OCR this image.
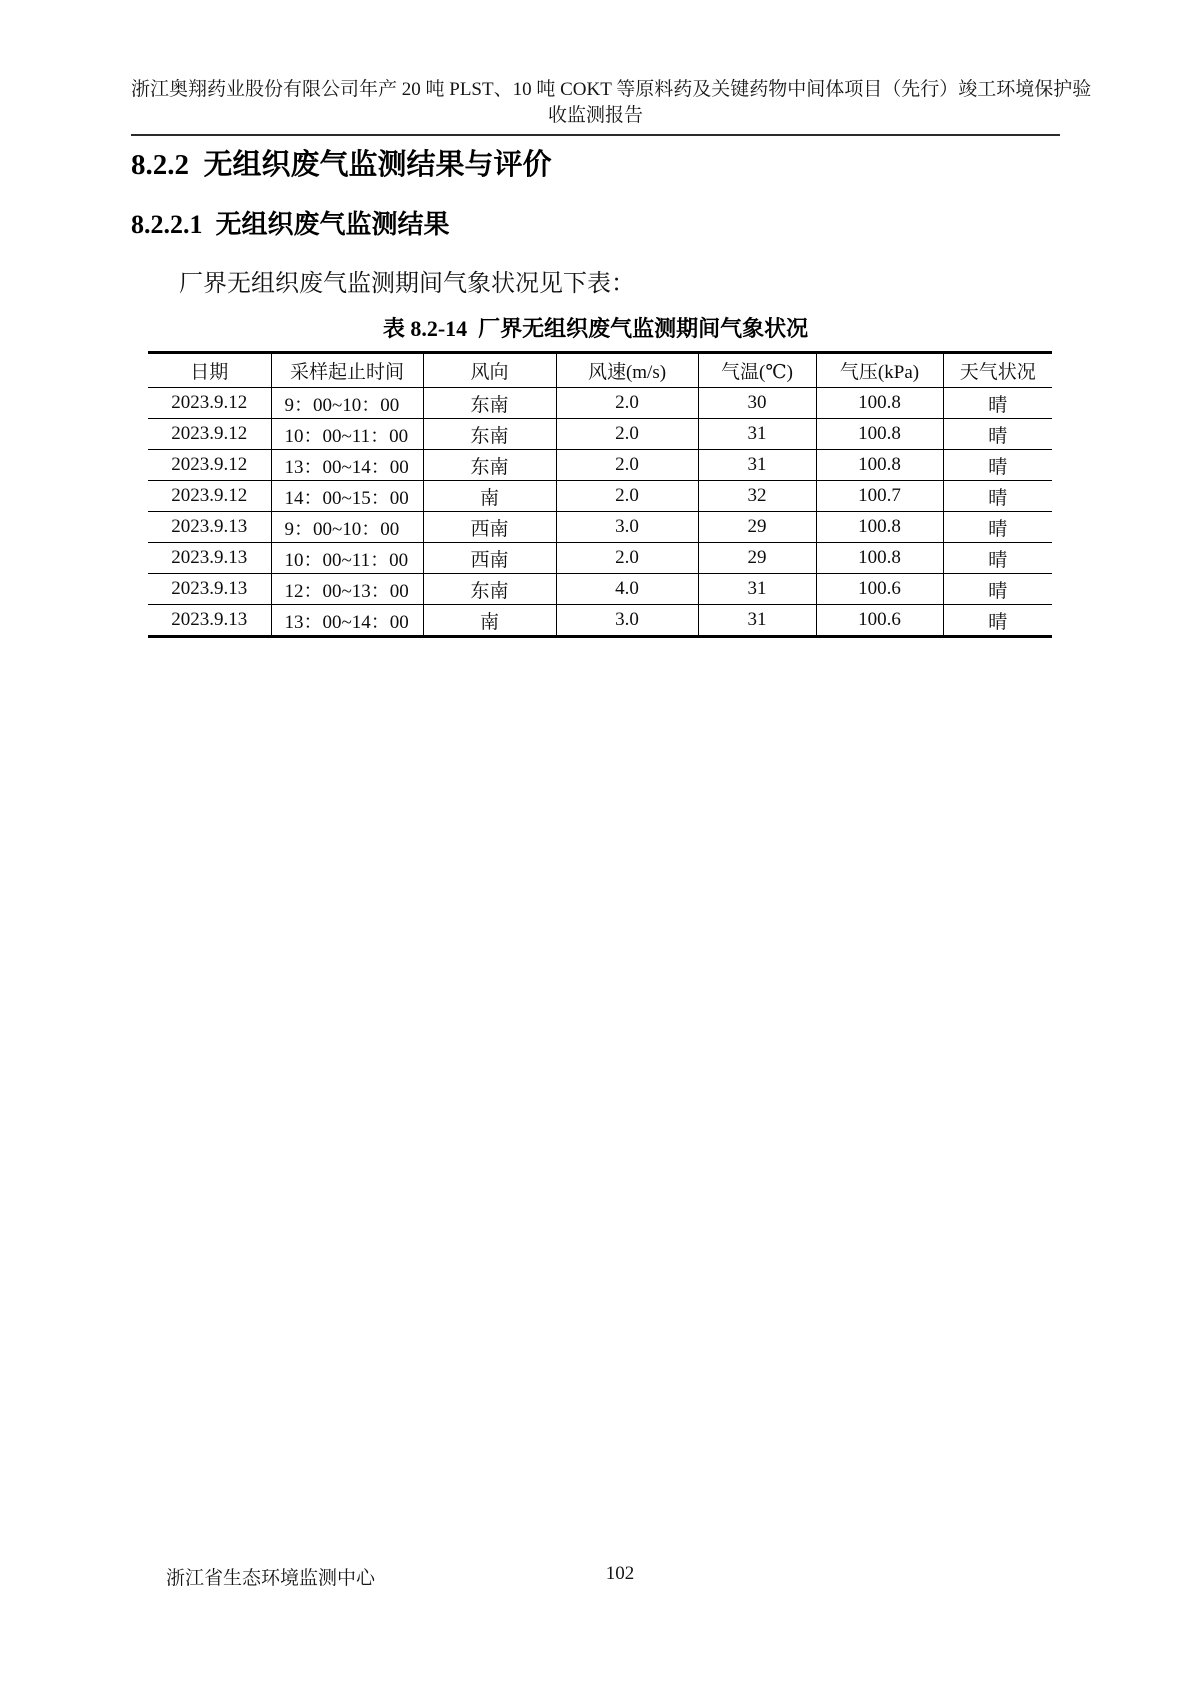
浙江奥翔药业股份有限公司年产 20 吨 PLST、10 吨 COKT 等原料药及关键药物中间体项目（先行）竣工环境保护验
收监测报告
8.2.2  无组织废气监测结果与评价
8.2.2.1  无组织废气监测结果
厂界无组织废气监测期间气象状况见下表：
表 8.2-14  厂界无组织废气监测期间气象状况
日期	采样起止时间	风向	风速(m/s)	气温(℃)	气压(kPa)	天气状况
2023.9.12	9：00~10：00	东南	2.0	30	100.8	晴
2023.9.12	10：00~11：00	东南	2.0	31	100.8	晴
2023.9.12	13：00~14：00	东南	2.0	31	100.8	晴
2023.9.12	14：00~15：00	南	2.0	32	100.7	晴
2023.9.13	9：00~10：00	西南	3.0	29	100.8	晴
2023.9.13	10：00~11：00	西南	2.0	29	100.8	晴
2023.9.13	12：00~13：00	东南	4.0	31	100.6	晴
2023.9.13	13：00~14：00	南	3.0	31	100.6	晴
浙江省生态环境监测中心	102
